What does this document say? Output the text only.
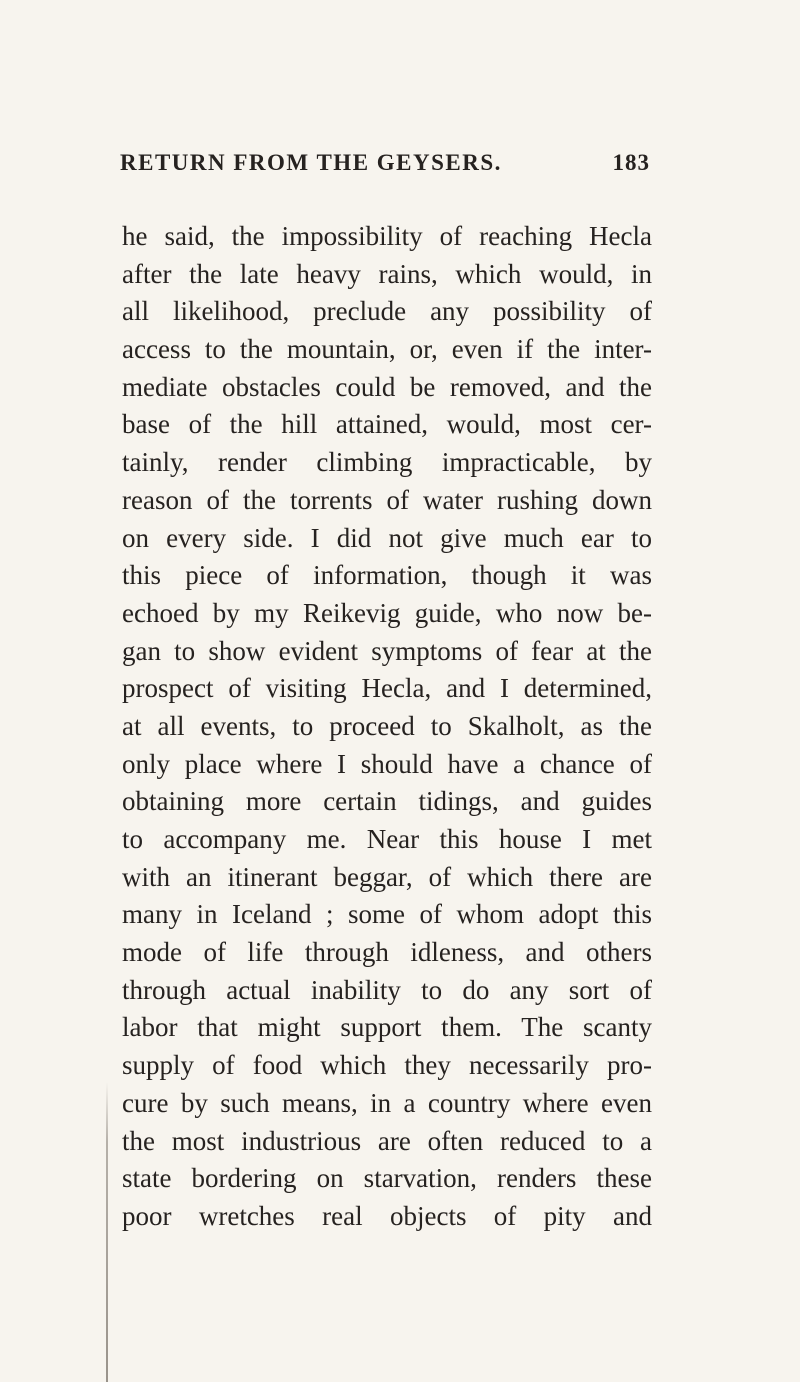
RETURN FROM THE GEYSERS.	183
he said, the impossibility of reaching Hecla
after the late heavy rains, which would, in
all likelihood, preclude any possibility of
access to the mountain, or, even if the inter-
mediate obstacles could be removed, and the
base of the hill attained, would, most cer-
tainly, render climbing impracticable, by
reason of the torrents of water rushing down
on every side. I did not give much ear to
this piece of information, though it was
echoed by my Reikevig guide, who now be-
gan to show evident symptoms of fear at the
prospect of visiting Hecla, and I determined,
at all events, to proceed to Skalholt, as the
only place where I should have a chance of
obtaining more certain tidings, and guides
to accompany me. Near this house I met
with an itinerant beggar, of which there are
many in Iceland ; some of whom adopt this
mode of life through idleness, and others
through actual inability to do any sort of
labor that might support them. The scanty
supply of food which they necessarily pro-
cure by such means, in a country where even
the most industrious are often reduced to a
state bordering on starvation, renders these
poor wretches real objects of pity and
